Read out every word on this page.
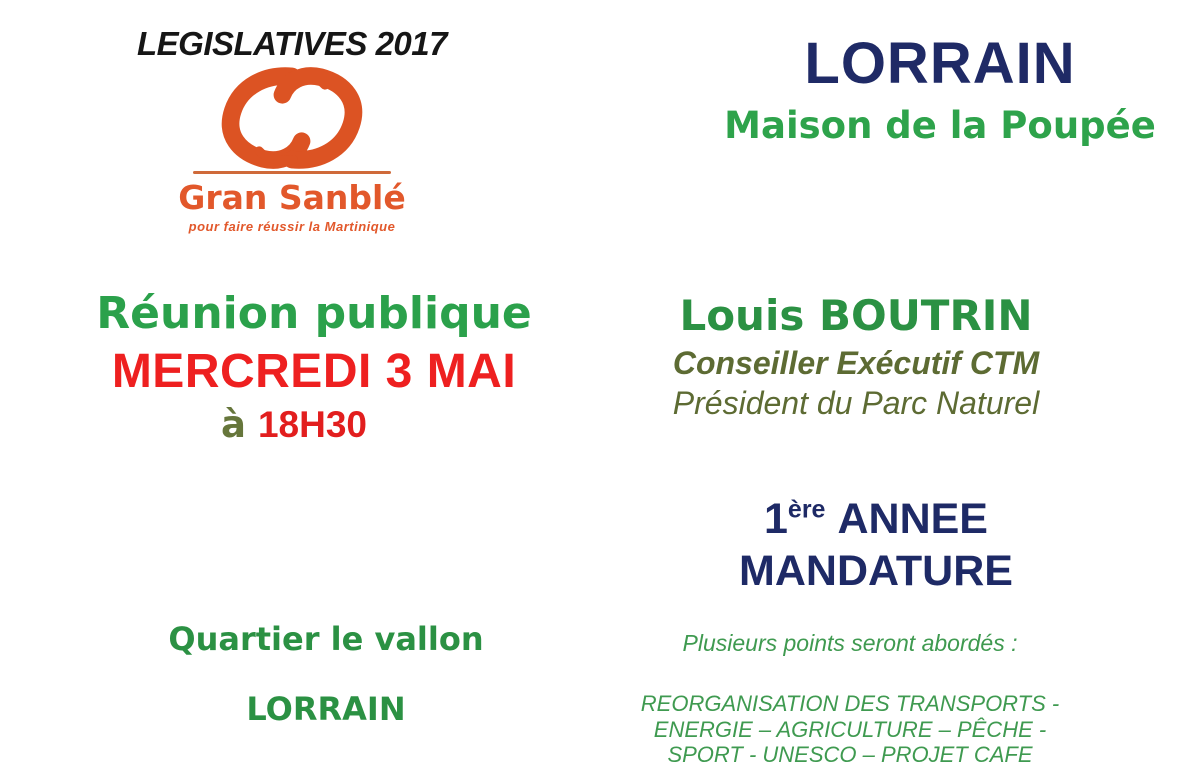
LEGISLATIVES 2017
Gran Sanblé
pour faire réussir la Martinique
LORRAIN
Maison de la Poupée
Réunion publique
MERCREDI 3 MAI
à 18H30
Louis BOUTRIN
Conseiller Exécutif CTM
Président du Parc Naturel
1ère ANNEE
MANDATURE
Quartier le vallon
LORRAIN
Plusieurs points seront abordés :
REORGANISATION DES TRANSPORTS -
ENERGIE – AGRICULTURE – PÊCHE -
SPORT - UNESCO – PROJET CAFE
